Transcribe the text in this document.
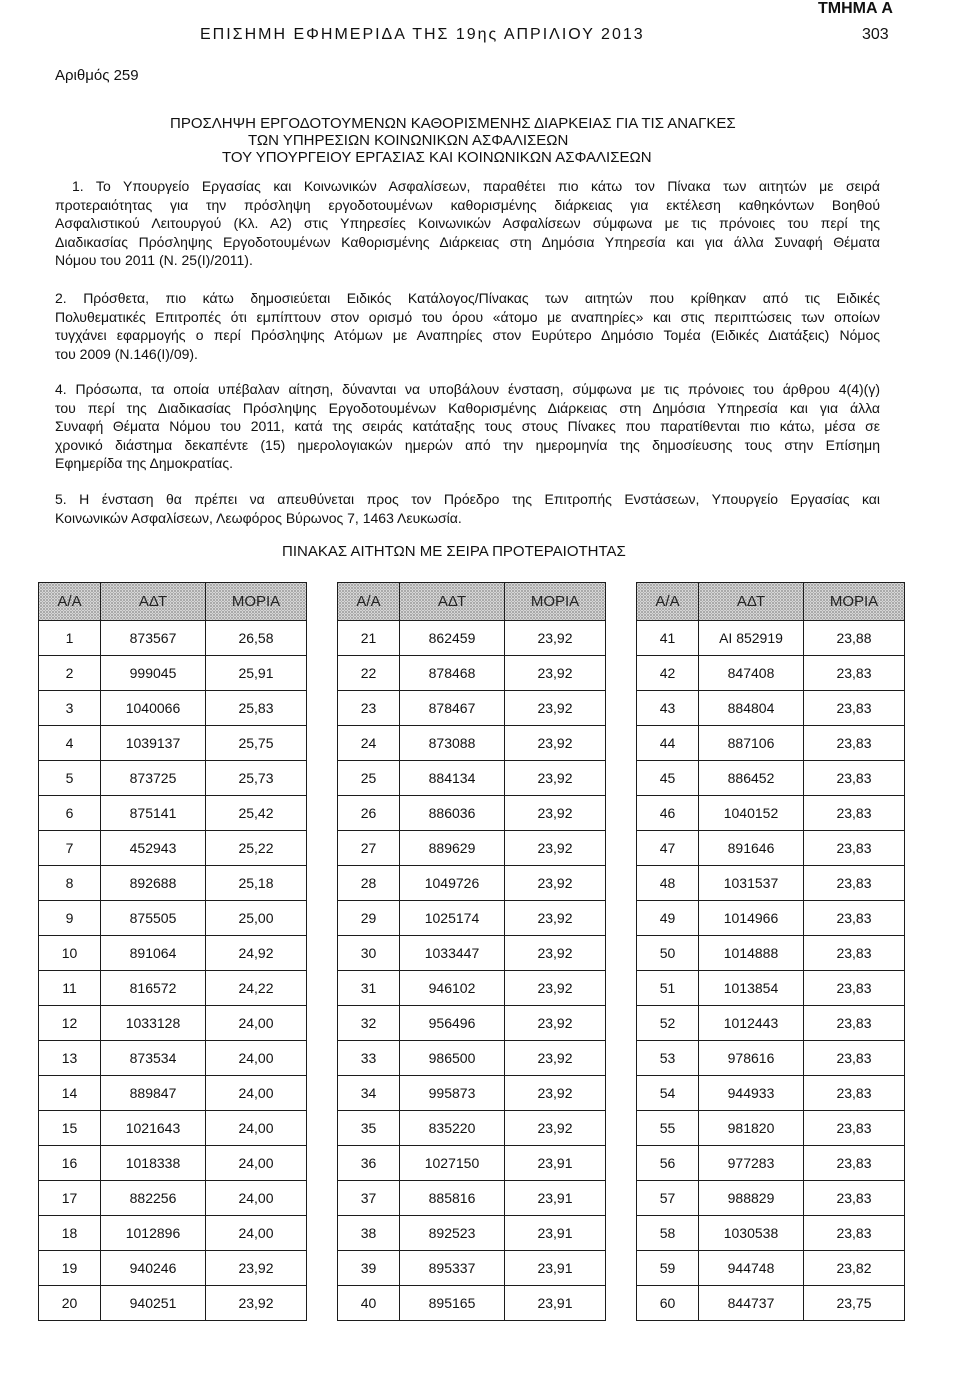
ΤΜΗΜΑ Α
ΕΠΙΣΗΜΗ ΕΦΗΜΕΡΙΔΑ ΤΗΣ 19ης ΑΠΡΙΛΙΟΥ 2013	303
Αριθμός 259
ΠΡΟΣΛΗΨΗ ΕΡΓΟΔΟΤΟΥΜΕΝΩΝ ΚΑΘΟΡΙΣΜΕΝΗΣ ΔΙΑΡΚΕΙΑΣ ΓΙΑ ΤΙΣ ΑΝΑΓΚΕΣ
ΤΩΝ ΥΠΗΡΕΣΙΩΝ ΚΟΙΝΩΝΙΚΩΝ ΑΣΦΑΛΙΣΕΩΝ
ΤΟΥ ΥΠΟΥΡΓΕΙΟΥ ΕΡΓΑΣΙΑΣ ΚΑΙ ΚΟΙΝΩΝΙΚΩΝ ΑΣΦΑΛΙΣΕΩΝ
1. Το Υπουργείο Εργασίας και Κοινωνικών Ασφαλίσεων, παραθέτει πιο κάτω τον Πίνακα των αιτητών με σειρά
προτεραιότητας για την πρόσληψη εργοδοτουμένων καθορισμένης διάρκειας για εκτέλεση καθηκόντων Βοηθού
Ασφαλιστικού Λειτουργού (Κλ. Α2) στις Υπηρεσίες Κοινωνικών Ασφαλίσεων σύμφωνα με τις πρόνοιες του περί της
Διαδικασίας Πρόσληψης Εργοδοτουμένων Καθορισμένης Διάρκειας στη Δημόσια Υπηρεσία και για άλλα Συναφή Θέματα
Νόμου του 2011 (Ν. 25(I)/2011).
2. Πρόσθετα, πιο κάτω δημοσιεύεται Ειδικός Κατάλογος/Πίνακας των αιτητών που κρίθηκαν από τις Ειδικές
Πολυθεματικές Επιτροπές ότι εμπίπτουν στον ορισμό του όρου «άτομο με αναπηρίες» και στις περιπτώσεις των οποίων
τυγχάνει εφαρμογής ο περί Πρόσληψης Ατόμων με Αναπηρίες στον Ευρύτερο Δημόσιο Τομέα (Ειδικές Διατάξεις) Νόμος
του 2009 (Ν.146(I)/09).
4. Πρόσωπα, τα οποία υπέβαλαν αίτηση, δύνανται να υποβάλουν ένσταση, σύμφωνα με τις πρόνοιες του άρθρου 4(4)(γ)
του περί της Διαδικασίας Πρόσληψης Εργοδοτουμένων Καθορισμένης Διάρκειας στη Δημόσια Υπηρεσία και για άλλα
Συναφή Θέματα Νόμου του 2011, κατά της σειράς κατάταξης τους στους Πίνακες που παρατίθενται πιο κάτω, μέσα σε
χρονικό διάστημα δεκαπέντε (15) ημερολογιακών ημερών από την ημερομηνία της δημοσίευσης τους στην Επίσημη
Εφημερίδα της Δημοκρατίας.
5. Η ένσταση θα πρέπει να απευθύνεται προς τον Πρόεδρο της Επιτροπής Ενστάσεων, Υπουργείο Εργασίας και
Κοινωνικών Ασφαλίσεων, Λεωφόρος Βύρωνος 7, 1463 Λευκωσία.
ΠΙΝΑΚΑΣ ΑΙΤΗΤΩΝ ΜΕ ΣΕΙΡΑ ΠΡΟΤΕΡΑΙΟΤΗΤΑΣ
Α/Α	ΑΔΤ	ΜΟΡΙΑ
1	873567	26,58
2	999045	25,91
3	1040066	25,83
4	1039137	25,75
5	873725	25,73
6	875141	25,42
7	452943	25,22
8	892688	25,18
9	875505	25,00
10	891064	24,92
11	816572	24,22
12	1033128	24,00
13	873534	24,00
14	889847	24,00
15	1021643	24,00
16	1018338	24,00
17	882256	24,00
18	1012896	24,00
19	940246	23,92
20	940251	23,92
Α/Α	ΑΔΤ	ΜΟΡΙΑ
21	862459	23,92
22	878468	23,92
23	878467	23,92
24	873088	23,92
25	884134	23,92
26	886036	23,92
27	889629	23,92
28	1049726	23,92
29	1025174	23,92
30	1033447	23,92
31	946102	23,92
32	956496	23,92
33	986500	23,92
34	995873	23,92
35	835220	23,92
36	1027150	23,91
37	885816	23,91
38	892523	23,91
39	895337	23,91
40	895165	23,91
Α/Α	ΑΔΤ	ΜΟΡΙΑ
41	AI 852919	23,88
42	847408	23,83
43	884804	23,83
44	887106	23,83
45	886452	23,83
46	1040152	23,83
47	891646	23,83
48	1031537	23,83
49	1014966	23,83
50	1014888	23,83
51	1013854	23,83
52	1012443	23,83
53	978616	23,83
54	944933	23,83
55	981820	23,83
56	977283	23,83
57	988829	23,83
58	1030538	23,83
59	944748	23,82
60	844737	23,75
